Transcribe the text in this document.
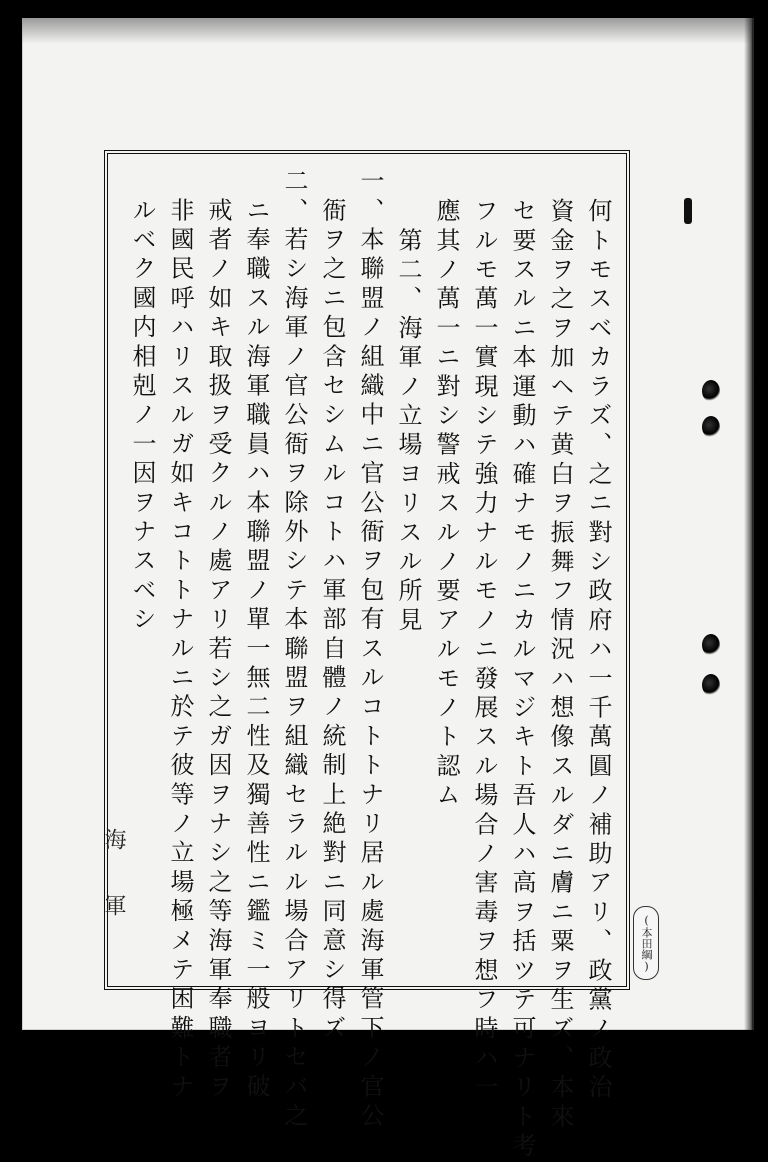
何トモスベカラズ、之ニ對シ政府ハ一千萬圓ノ補助アリ、政黨ノ政治
資金ヲ之ヲ加ヘテ黄白ヲ振舞フ情況ハ想像スルダニ膚ニ粟ヲ生ズ、本來
セ要スルニ本運動ハ確ナモノニカルマジキト吾人ハ高ヲ括ツテ可ナリト考
フルモ萬一實現シテ強力ナルモノニ發展スル場合ノ害毒ヲ想フ時ハ一
應其ノ萬一ニ對シ警戒スルノ要アルモノト認ム
　第二、海軍ノ立場ヨリスル所見
一、本聯盟ノ組織中ニ官公衙ヲ包有スルコトトナリ居ル處海軍管下ノ官公
　衙ヲ之ニ包含セシムルコトハ軍部自體ノ統制上絶對ニ同意シ得ズ
二、若シ海軍ノ官公衙ヲ除外シテ本聯盟ヲ組織セラルル場合アリトセバ之
　ニ奉職スル海軍職員ハ本聯盟ノ單一無二性及獨善性ニ鑑ミ一般ヨリ破
　戒者ノ如キ取扱ヲ受クルノ處アリ若シ之ガ因ヲナシ之等海軍奉職者ヲ
　非國民呼ハリスルガ如キコトトナルニ於テ彼等ノ立場極メテ困難トナ
　ルベク國内相剋ノ一因ヲナスベシ
海軍	(本田綱)
